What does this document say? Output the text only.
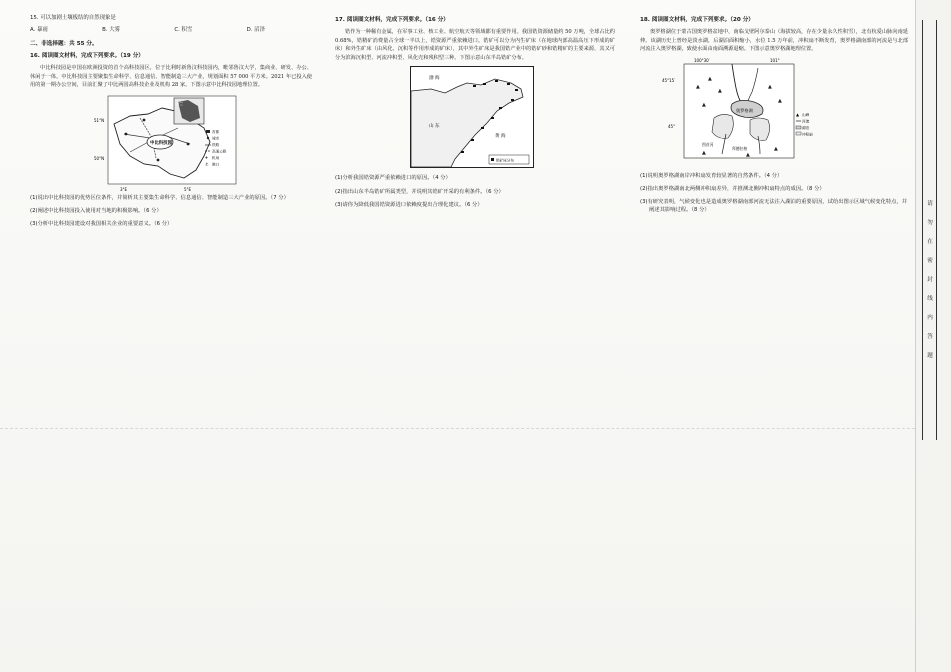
15. 可以加剧土壤板结的自然现象是
A. 暴雨	B. 大雾	C. 积雪	D. 沼泽
二、非选择题：共 55 分。
16. 阅读图文材料，完成下列要求。（19 分）
中比科技园是中国在欧洲投资的首个高科技园区，位于比利时新鲁汶科技园内，毗邻鲁汶大学，集商业、研发、办公、休闲于一体。中比科技园主要聚集生命科学、信息通信、智能制造三大产业，规划面积 57 000 平方米。2021 年已投入使用的第一期办公空间，目前汇聚了中比两国高科技企业及机构 28 家。下图示意中比科技园地理位置。
荷兰
中比科技园
51°N
50°N
3°E	5°E
首都
城市
铁路
高速公路
✈ 机场
⚓ 港口
(1)说出中比科技园的优势区位条件，并简析其主要集生命科学、信息通信、智能制造三大产业的原因。（7 分）
(2)阐述中比科技园投入使用对当地的积极影响。（6 分）
(3)分析中比科技园建设对我国相关企业的重要意义。（6 分）
17. 阅读图文材料，完成下列要求。（16 分）
锆作为一种稀有金属，在军事工业、核工业、航空航天等领域都有重要作用。我国锆资源储量约 50 万吨，全球占比约 0.68%，锆精矿消费量占全球一半以上，锆资源严重依赖进口。锆矿可以分为内生矿床（在地球内部高温高压下形成的矿床）和外生矿床（由风化、沉积等作用形成的矿床），其中外生矿床是我国锆产业中的锆矿砂和锆精矿的主要来源，其又可分为滨海沉积型、河流冲积型、风化壳和残积型三种。下图示意山东半岛锆矿分布。
渤 海
黄 海
山 东
锆矿床分布
(1)分析我国锆资源严重依赖进口的原因。（4 分）
(2)指出山东半岛锆矿所属类型，并说明其锆矿开采的有利条件。（6 分）
(3)请你为降低我国锆资源进口依赖度提出合理化建议。（6 分）
18. 阅读图文材料，完成下列要求。（20 分）
奥罗格湖位于蒙古国奥罗格盆地中，南临戈壁阿尔泰山（海拔较高，存在少量永久性积雪），北有杭爱山脉向南延伸。该湖历史上曾经是淡水湖，后湖泊面积缩小，水位 1.5 万年前，冲积扇不断发育，奥罗格湖南部的河流是与北部河流注入奥罗格湖，致使水面由南面溯源退缩。下图示意奥罗格湖地理位置。
100°30′	101°
45°15′
45°
奥罗格湖
图音河
拜德拉格
▲
▲
▲
▲
▲
▲
▲	▲
▲
▲ 山峰
河流
湖泊
冲积扇
(1)说明奥罗格湖南岸冲积扇发育较显著的自然条件。（4 分）
(2)指出奥罗格湖南北两侧冲积扇差异，并推测北侧冲积扇特点的成因。（8 分）
(3)有研究表明，气候变化也是造成奥罗格湖南部河流无法注入湖泊的重要原因，试给出图示区域气候变化特点，并阐述其影响过程。（8 分）
请
勿
在
密
封
线
内
答
题
